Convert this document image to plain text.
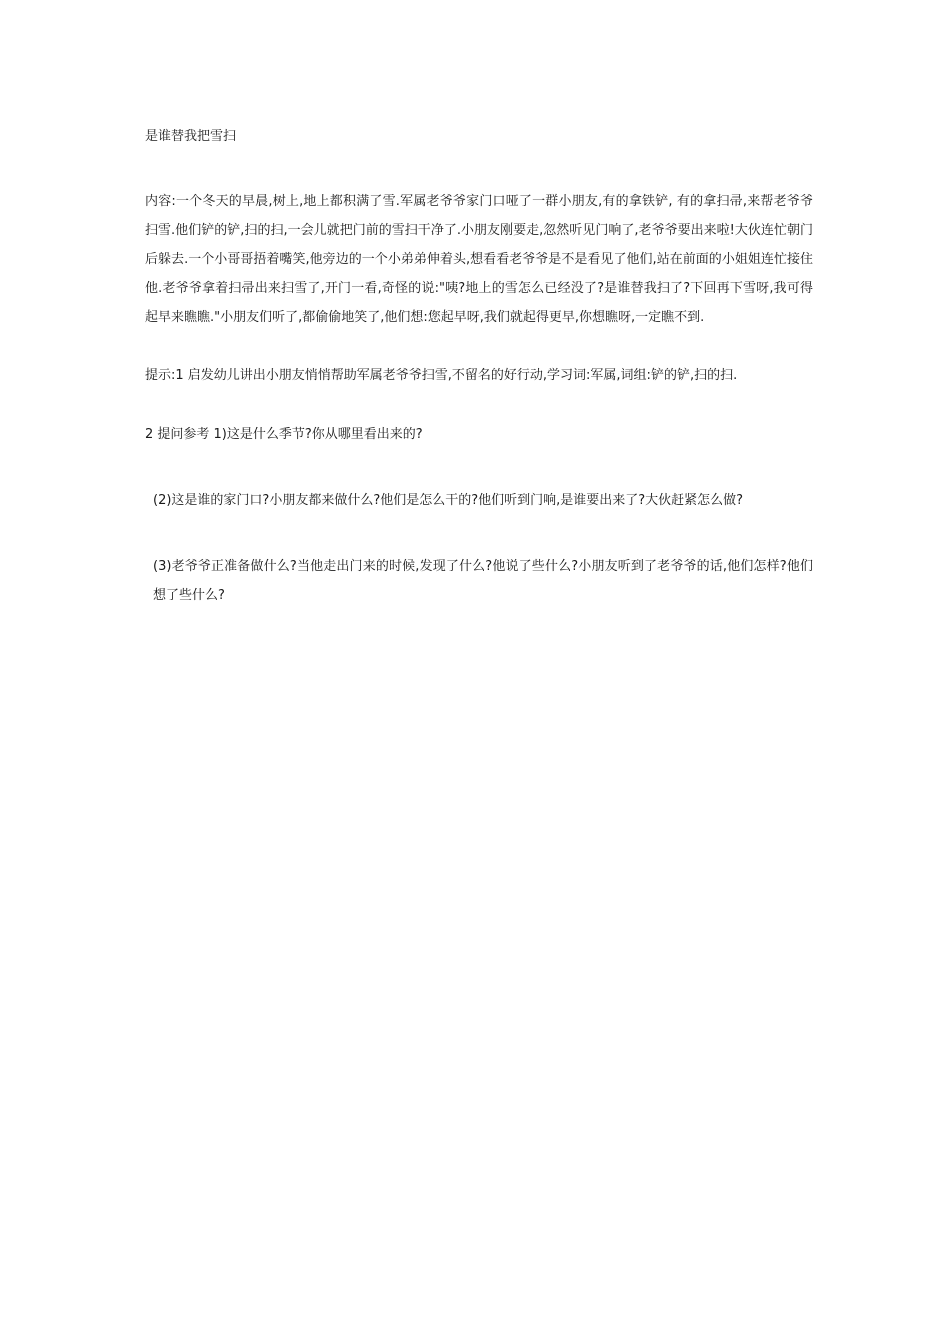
是谁替我把雪扫

内容:一个冬天的早晨,树上,地上都积满了雪.军属老爷爷家门口哑了一群小朋友,有的拿铁铲, 有的拿扫帚,来帮老爷爷扫雪.他们铲的铲,扫的扫,一会儿就把门前的雪扫干净了.小朋友刚要走,忽然听见门响了,老爷爷要出来啦!大伙连忙朝门后躲去.一个小哥哥捂着嘴笑,他旁边的一个小弟弟伸着头,想看看老爷爷是不是看见了他们,站在前面的小姐姐连忙接住他.老爷爷拿着扫帚出来扫雪了,开门一看,奇怪的说:"咦?地上的雪怎么已经没了?是谁替我扫了?下回再下雪呀,我可得起早来瞧瞧."小朋友们听了,都偷偷地笑了,他们想:您起早呀,我们就起得更早,你想瞧呀,一定瞧不到.

提示:1 启发幼儿讲出小朋友悄悄帮助军属老爷爷扫雪,不留名的好行动,学习词:军属,词组:铲的铲,扫的扫.

2 提问参考 1)这是什么季节?你从哪里看出来的?

(2)这是谁的家门口?小朋友都来做什么?他们是怎么干的?他们听到门响,是谁要出来了?大伙赶紧怎么做?

(3)老爷爷正准备做什么?当他走出门来的时候,发现了什么?他说了些什么?小朋友听到了老爷爷的话,他们怎样?他们想了些什么?
